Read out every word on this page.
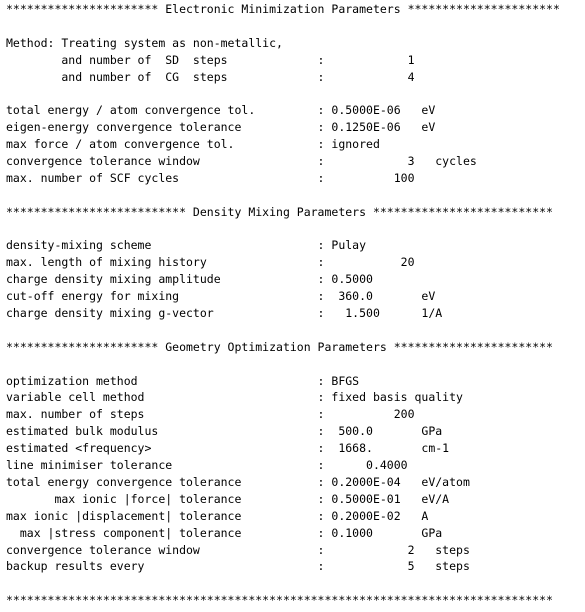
********************** Electronic Minimization Parameters **********************
Method: Treating system as non-metallic,
and number of  SD  steps             :            1
and number of  CG  steps             :            4
total energy / atom convergence tol.         : 0.5000E-06   eV
eigen-energy convergence tolerance           : 0.1250E-06   eV
max force / atom convergence tol.            : ignored
convergence tolerance window                 :            3   cycles
max. number of SCF cycles                    :          100
************************** Density Mixing Parameters **************************
density-mixing scheme                        : Pulay
max. length of mixing history                :           20
charge density mixing amplitude              : 0.5000
cut-off energy for mixing                    :  360.0       eV
charge density mixing g-vector               :   1.500      1/A
********************** Geometry Optimization Parameters ***********************
optimization method                          : BFGS
variable cell method                         : fixed basis quality
max. number of steps                         :          200
estimated bulk modulus                       :  500.0       GPa
estimated <frequency>                        :  1668.       cm-1
line minimiser tolerance                     :      0.4000
total energy convergence tolerance           : 0.2000E-04   eV/atom
max ionic |force| tolerance           : 0.5000E-01   eV/A
max ionic |displacement| tolerance           : 0.2000E-02   A
max |stress component| tolerance           : 0.1000       GPa
convergence tolerance window                 :            2   steps
backup results every                         :            5   steps
*******************************************************************************
